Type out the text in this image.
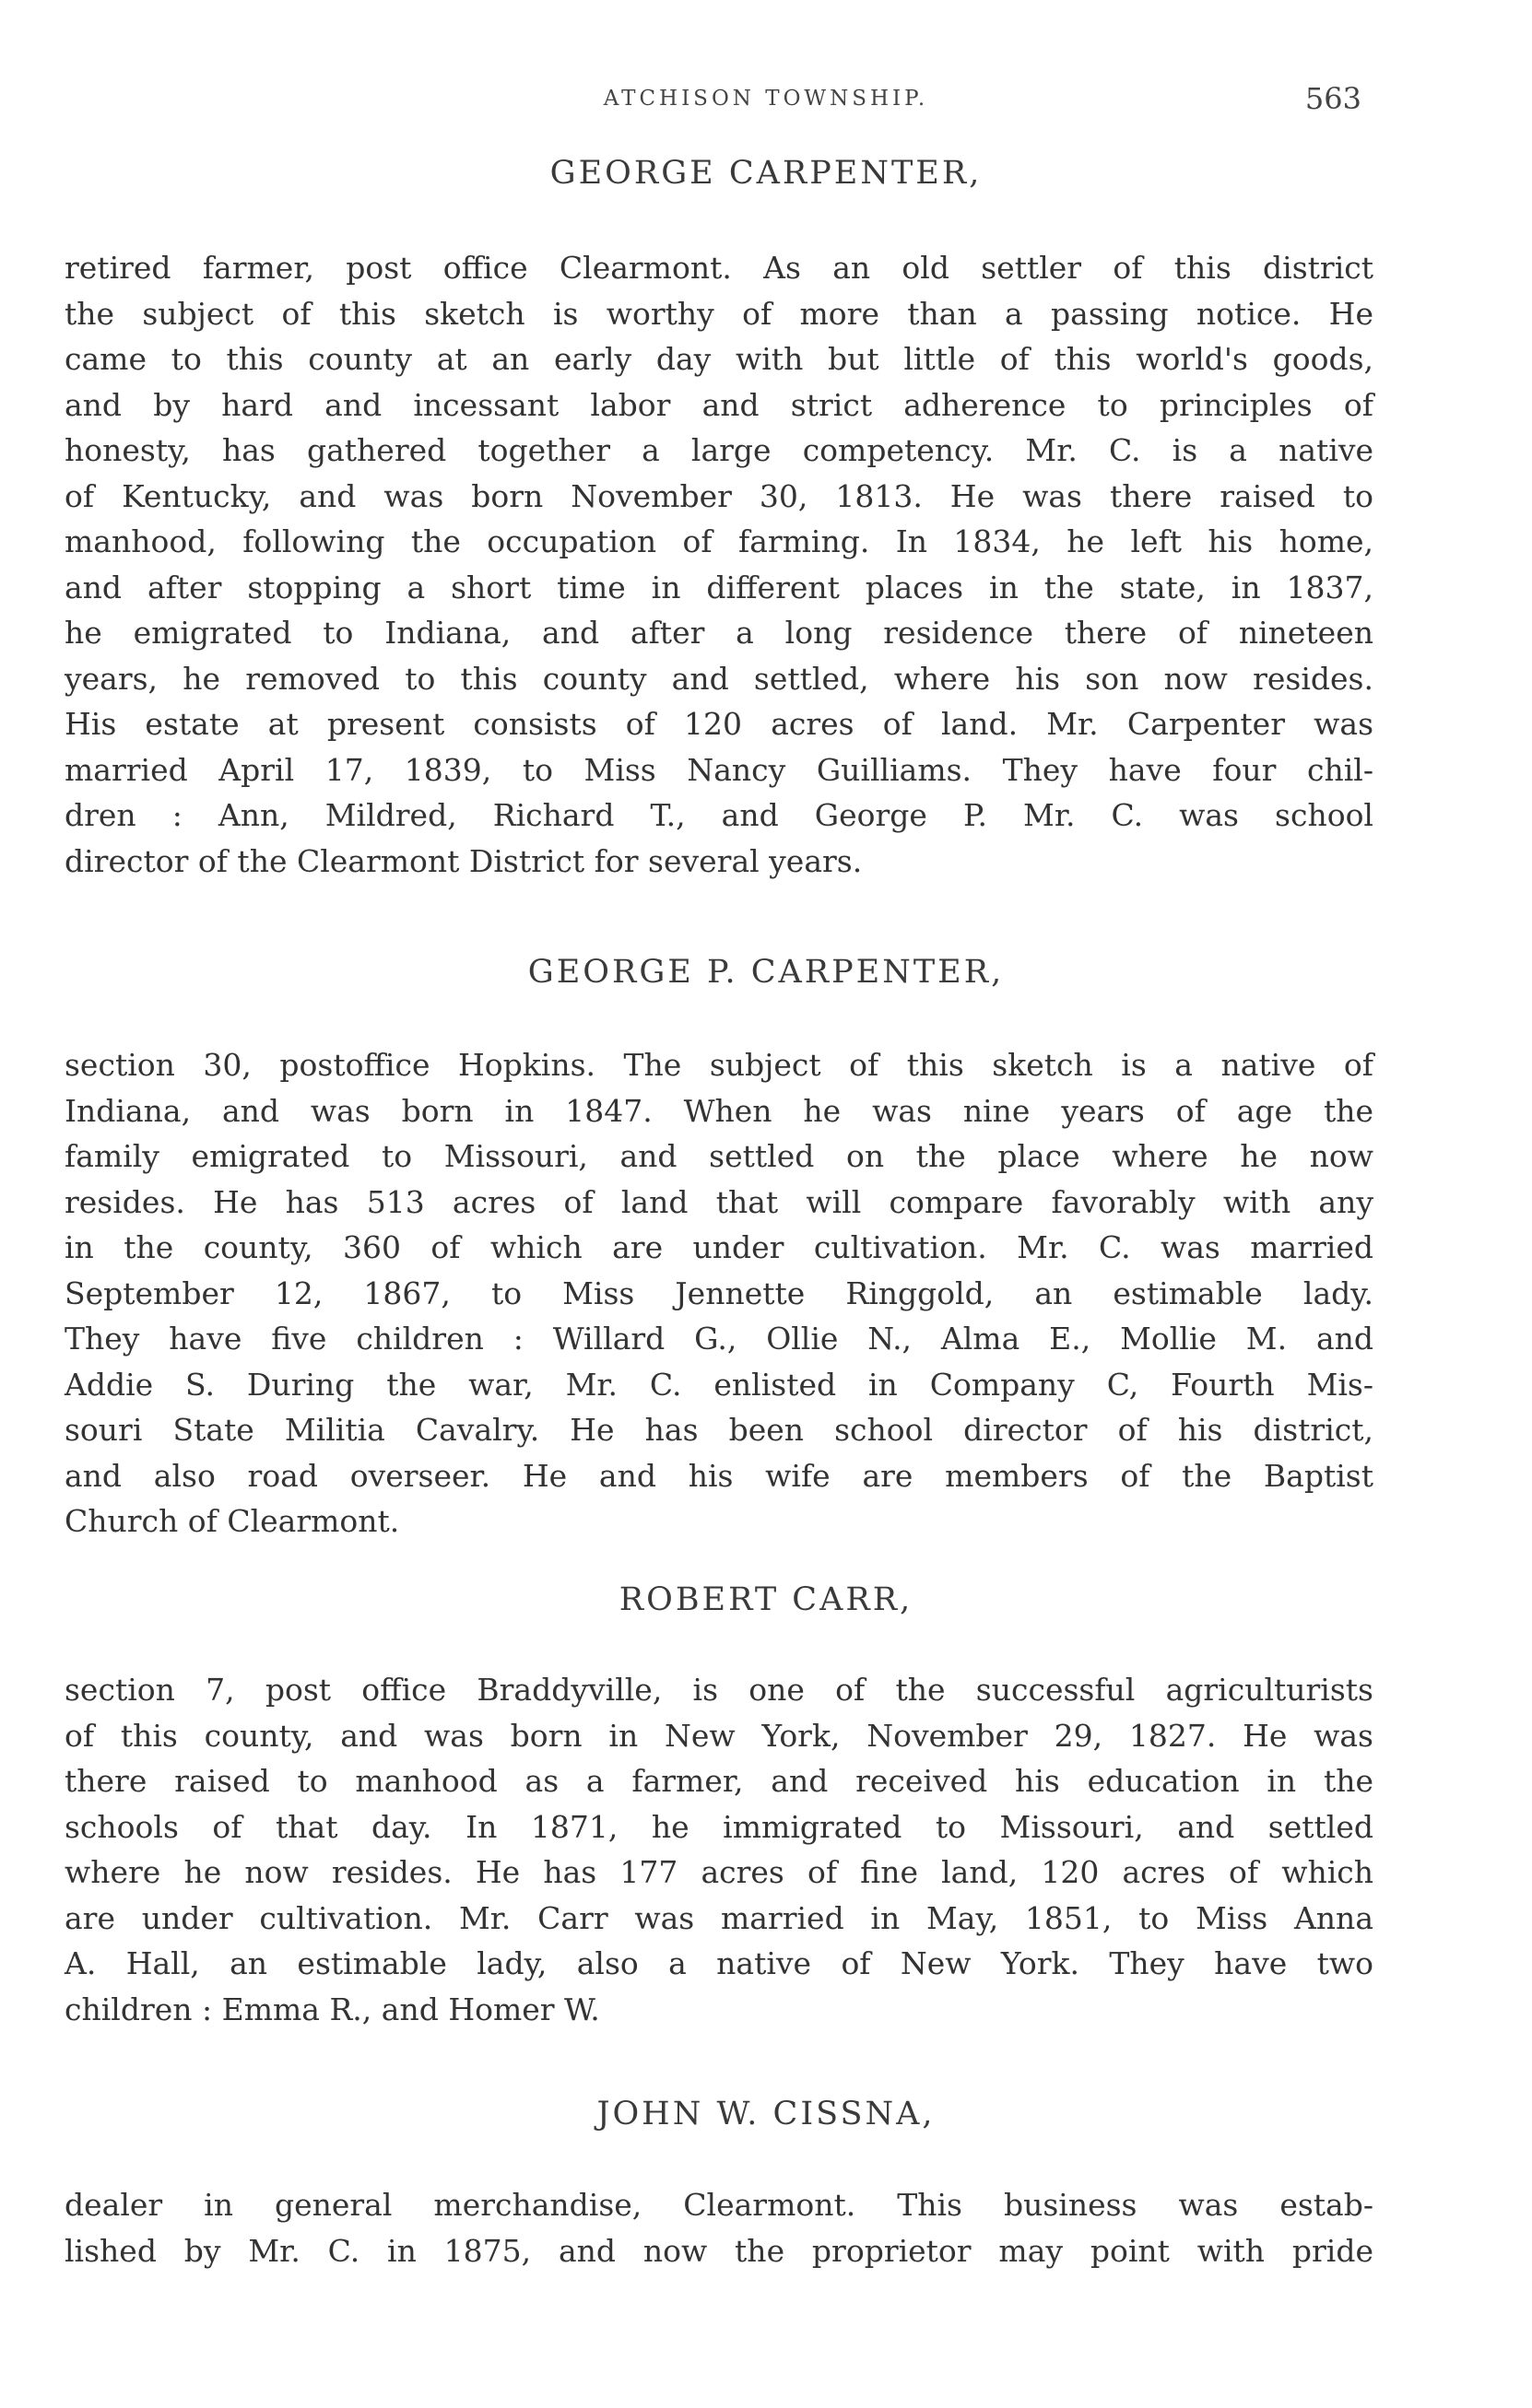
ATCHISON TOWNSHIP.	563
GEORGE CARPENTER,
retired farmer, post office Clearmont. As an old settler of this district
the subject of this sketch is worthy of more than a passing notice. He
came to this county at an early day with but little of this world's goods,
and by hard and incessant labor and strict adherence to principles of
honesty, has gathered together a large competency. Mr. C. is a native
of Kentucky, and was born November 30, 1813. He was there raised to
manhood, following the occupation of farming. In 1834, he left his home,
and after stopping a short time in different places in the state, in 1837,
he emigrated to Indiana, and after a long residence there of nineteen
years, he removed to this county and settled, where his son now resides.
His estate at present consists of 120 acres of land. Mr. Carpenter was
married April 17, 1839, to Miss Nancy Guilliams. They have four chil-
dren : Ann, Mildred, Richard T., and George P. Mr. C. was school
director of the Clearmont District for several years.
GEORGE P. CARPENTER,
section 30, postoffice Hopkins. The subject of this sketch is a native of
Indiana, and was born in 1847. When he was nine years of age the
family emigrated to Missouri, and settled on the place where he now
resides. He has 513 acres of land that will compare favorably with any
in the county, 360 of which are under cultivation. Mr. C. was married
September 12, 1867, to Miss Jennette Ringgold, an estimable lady.
They have five children : Willard G., Ollie N., Alma E., Mollie M. and
Addie S. During the war, Mr. C. enlisted in Company C, Fourth Mis-
souri State Militia Cavalry. He has been school director of his district,
and also road overseer. He and his wife are members of the Baptist
Church of Clearmont.
ROBERT CARR,
section 7, post office Braddyville, is one of the successful agriculturists
of this county, and was born in New York, November 29, 1827. He was
there raised to manhood as a farmer, and received his education in the
schools of that day. In 1871, he immigrated to Missouri, and settled
where he now resides. He has 177 acres of fine land, 120 acres of which
are under cultivation. Mr. Carr was married in May, 1851, to Miss Anna
A. Hall, an estimable lady, also a native of New York. They have two
children : Emma R., and Homer W.
JOHN W. CISSNA,
dealer in general merchandise, Clearmont. This business was estab-
lished by Mr. C. in 1875, and now the proprietor may point with pride
